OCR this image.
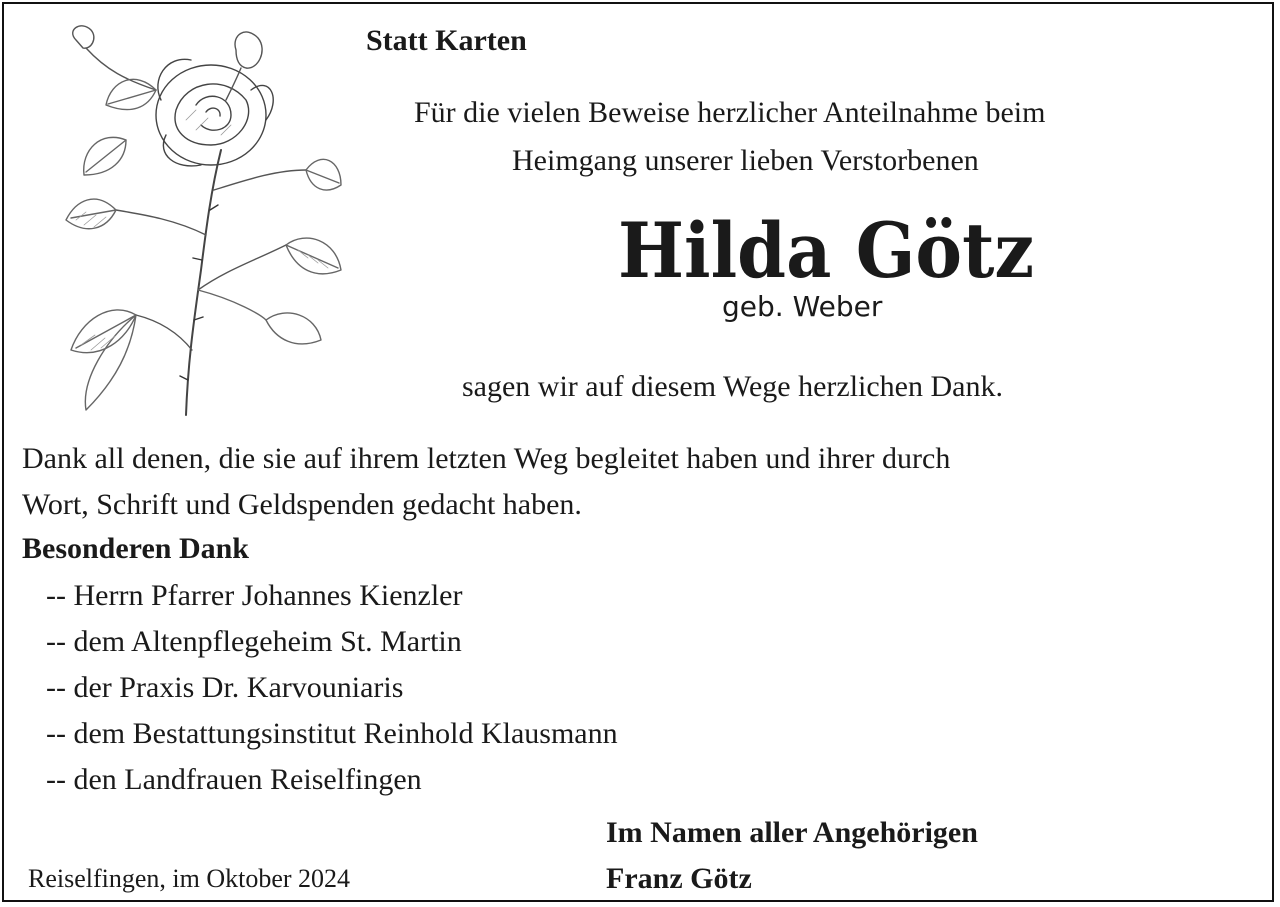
Statt Karten
Für die vielen Beweise herzlicher Anteilnahme beim
Heimgang unserer lieben Verstorbenen
Hilda Götz
geb. Weber
sagen wir auf diesem Wege herzlichen Dank.
Dank all denen, die sie auf ihrem letzten Weg begleitet haben und ihrer durch
Wort, Schrift und Geldspenden gedacht haben.
Besonderen Dank
-- Herrn Pfarrer Johannes Kienzler
-- dem Altenpflegeheim St. Martin
-- der Praxis Dr. Karvouniaris
-- dem Bestattungsinstitut Reinhold Klausmann
-- den Landfrauen Reiselfingen
Im Namen aller Angehörigen
Franz Götz
Reiselfingen, im Oktober 2024
